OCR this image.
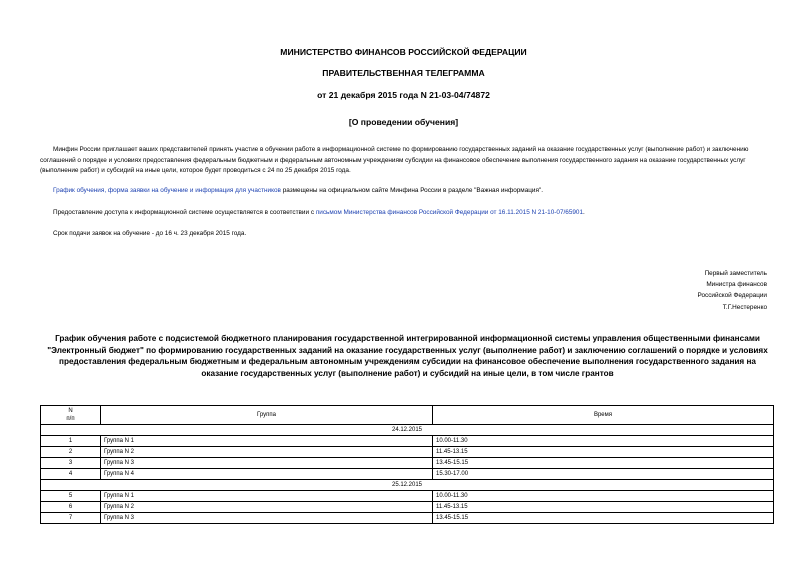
МИНИСТЕРСТВО ФИНАНСОВ РОССИЙСКОЙ ФЕДЕРАЦИИ
ПРАВИТЕЛЬСТВЕННАЯ ТЕЛЕГРАММА
от 21 декабря 2015 года N 21-03-04/74872
[О проведении обучения]
Минфин России приглашает ваших представителей принять участие в обучении работе в информационной системе по формированию государственных заданий на оказание государственных услуг (выполнение работ) и заключению соглашений о порядке и условиях предоставления федеральным бюджетным и федеральным автономным учреждениям субсидии на финансовое обеспечение выполнения государственного задания на оказание государственных услуг (выполнение работ) и субсидий на иные цели, которое будет проводиться с 24 по 25 декабря 2015 года.
График обучения, форма заявки на обучение и информация для участников размещены на официальном сайте Минфина России в разделе "Важная информация".
Предоставление доступа к информационной системе осуществляется в соответствии с письмом Министерства финансов Российской Федерации от 16.11.2015 N 21-10-07/65901.
Срок подачи заявок на обучение - до 16 ч. 23 декабря 2015 года.
Первый заместитель
Министра финансов
Российской Федерации
Т.Г.Нестеренко
График обучения работе с подсистемой бюджетного планирования государственной интегрированной информационной системы управления общественными финансами "Электронный бюджет" по формированию государственных заданий на оказание государственных услуг (выполнение работ) и заключению соглашений о порядке и условиях предоставления федеральным бюджетным и федеральным автономным учреждениям субсидии на финансовое обеспечение выполнения государственного задания на оказание государственных услуг (выполнение работ) и субсидий на иные цели, в том числе грантов
N
п/п	Группа	Время
24.12.2015		
1	Группа N 1	10.00-11.30
2	Группа N 2	11.45-13.15
3	Группа N 3	13.45-15.15
4	Группа N 4	15.30-17.00
25.12.2015		
5	Группа N 1	10.00-11.30
6	Группа N 2	11.45-13.15
7	Группа N 3	13.45-15.15
